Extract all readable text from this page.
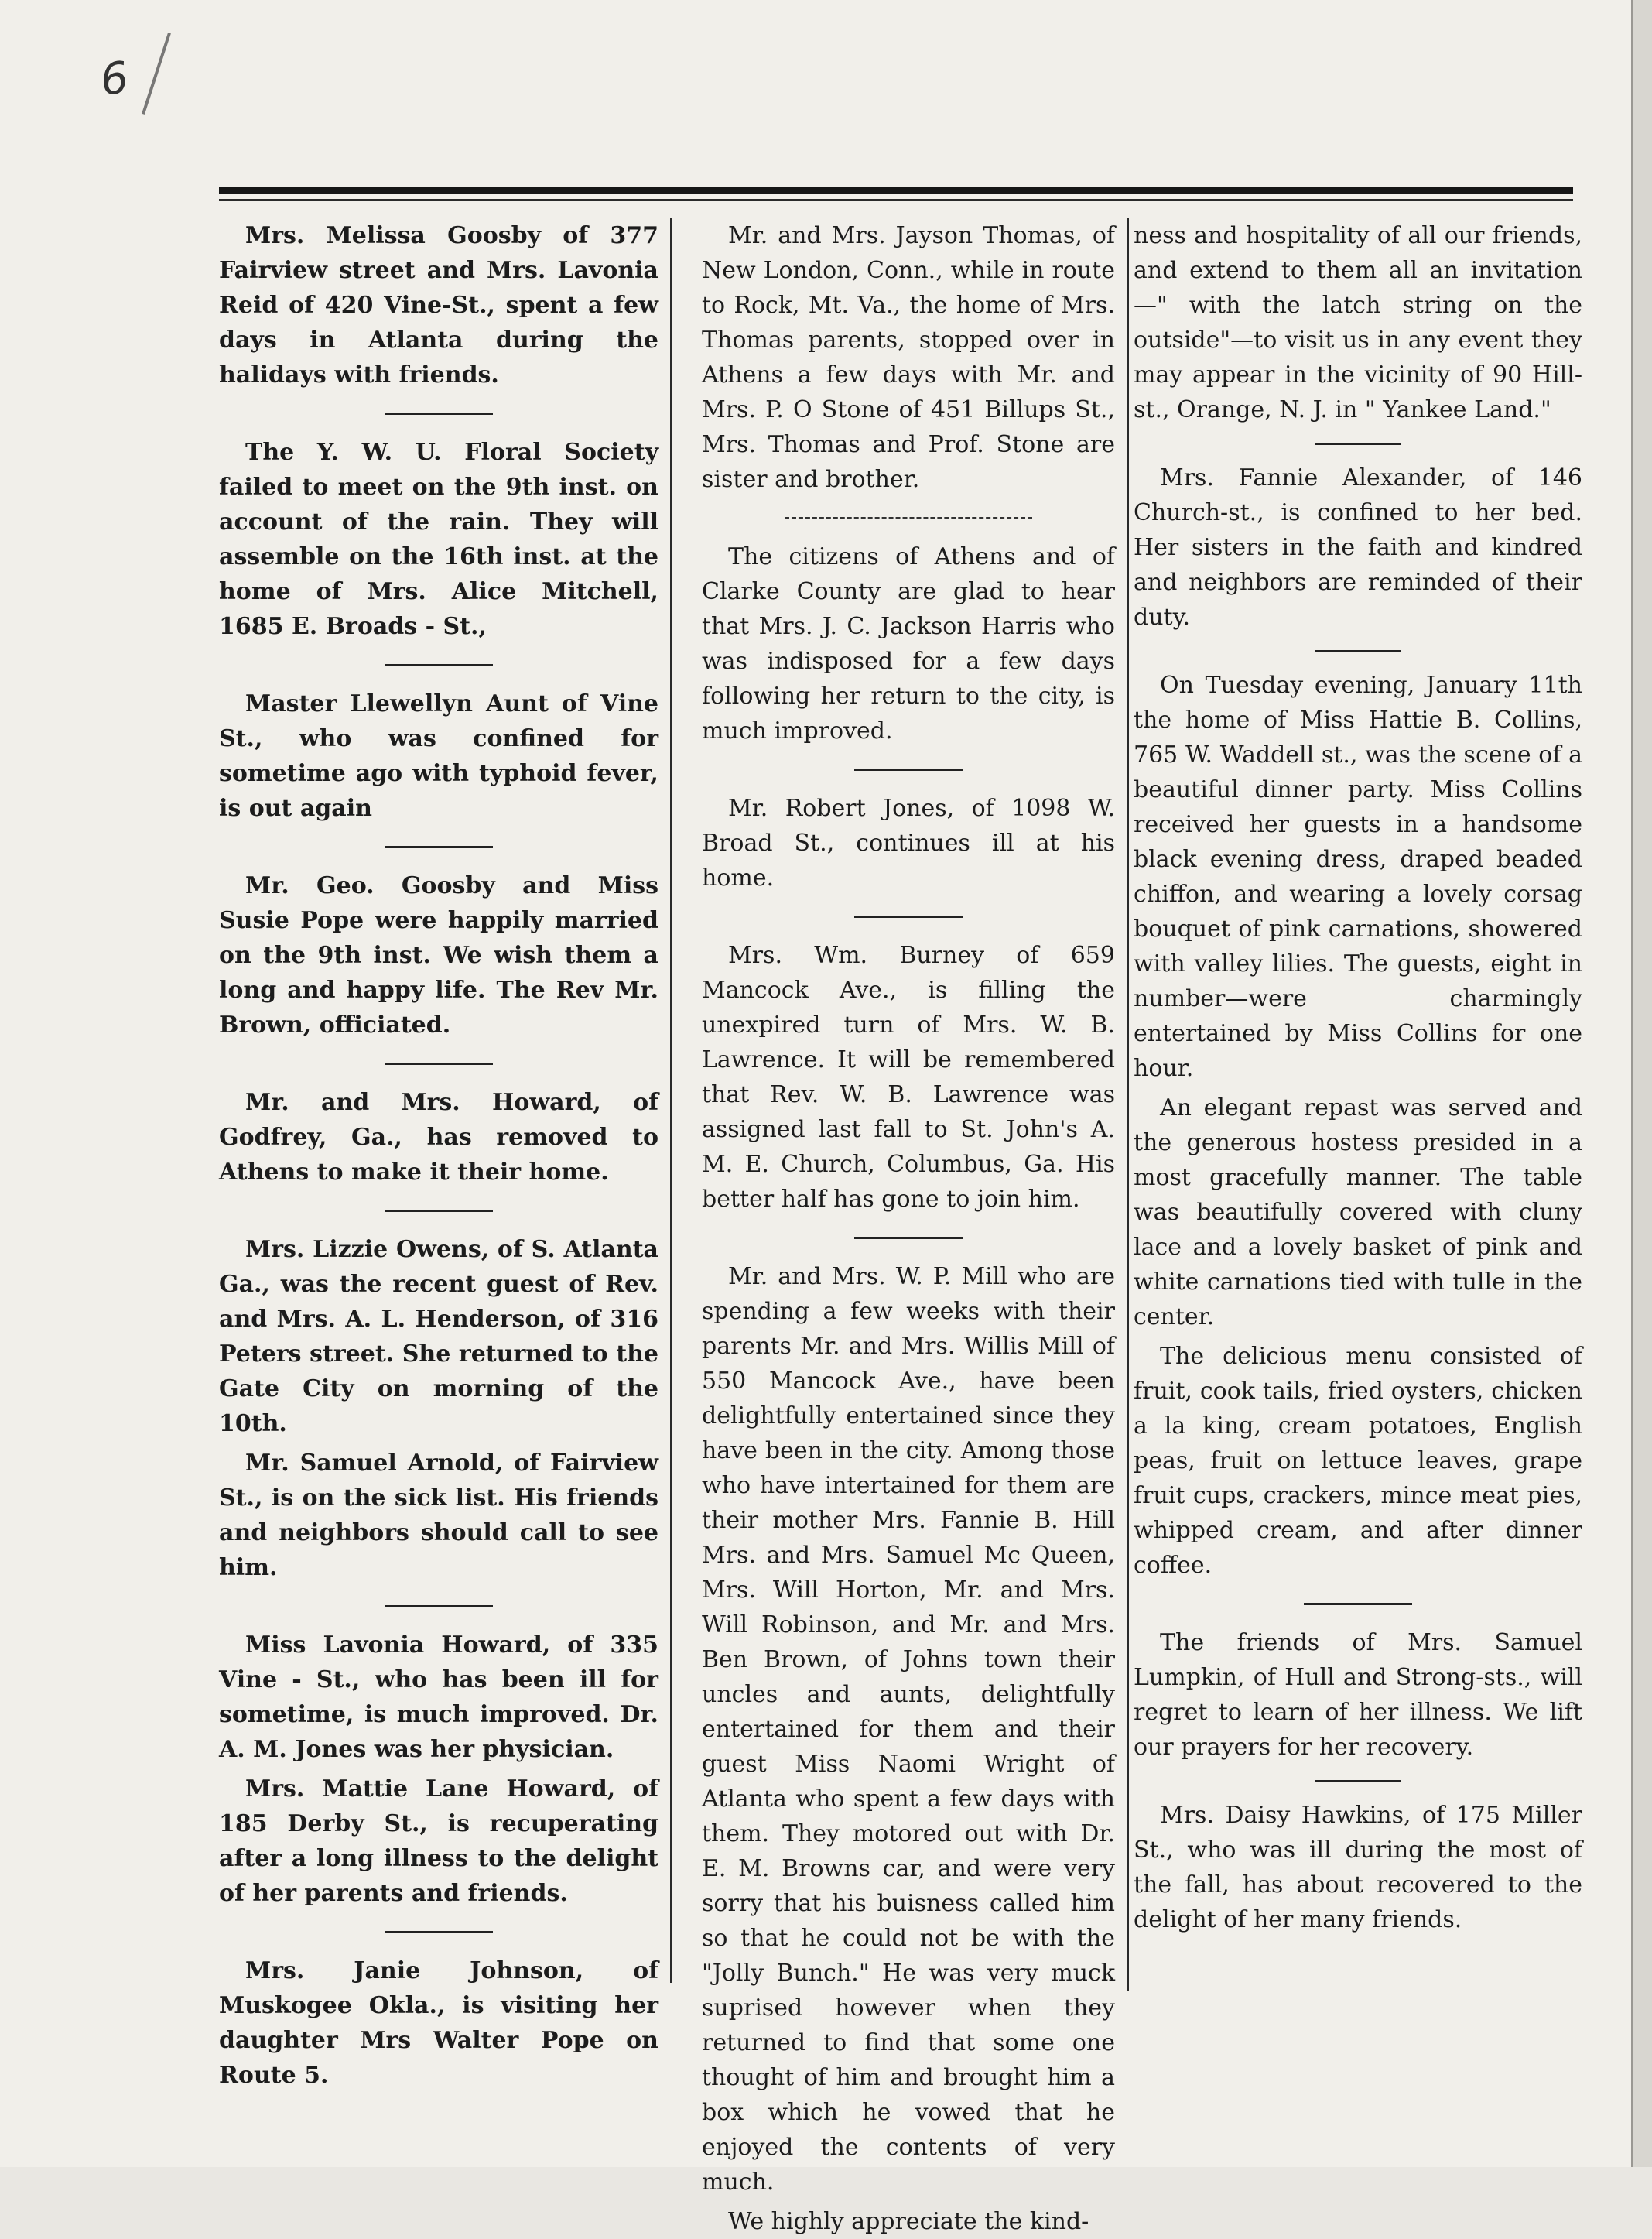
6

Mrs. Melissa Goosby of 377 Fairview street and Mrs. Lavonia Reid of 420 Vine-St., spent a few days in Atlanta during the halidays with friends.

The Y. W. U. Floral Society failed to meet on the 9th inst. on account of the rain. They will assemble on the 16th inst. at the home of Mrs. Alice Mitchell, 1685 E. Broads - St.,

Master Llewellyn Aunt of Vine St., who was confined for sometime ago with typhoid fever, is out again

Mr. Geo. Goosby and Miss Susie Pope were happily married on the 9th inst. We wish them a long and happy life. The Rev Mr. Brown, officiated.

Mr. and Mrs. Howard, of Godfrey, Ga., has removed to Athens to make it their home.

Mrs. Lizzie Owens, of S. Atlanta Ga., was the recent guest of Rev. and Mrs. A. L. Henderson, of 316 Peters street. She returned to the Gate City on morning of the 10th.

Mr. Samuel Arnold, of Fairview St., is on the sick list. His friends and neighbors should call to see him.

Miss Lavonia Howard, of 335 Vine - St., who has been ill for sometime, is much improved. Dr. A. M. Jones was her physician.

Mrs. Mattie Lane Howard, of 185 Derby St., is recuperating after a long illness to the delight of her parents and friends.

Mrs. Janie Johnson, of Muskogee Okla., is visiting her daughter Mrs Walter Pope on Route 5.

Mr. and Mrs. Jayson Thomas, of New London, Conn., while in route to Rock, Mt. Va., the home of Mrs. Thomas parents, stopped over in Athens a few days with Mr. and Mrs. P. O Stone of 451 Billups St., Mrs. Thomas and Prof. Stone are sister and brother.

The citizens of Athens and of Clarke County are glad to hear that Mrs. J. C. Jackson Harris who was indisposed for a few days following her return to the city, is much improved.

Mr. Robert Jones, of 1098 W. Broad St., continues ill at his home.

Mrs. Wm. Burney of 659 Mancock Ave., is filling the unexpired turn of Mrs. W. B. Lawrence. It will be remembered that Rev. W. B. Lawrence was assigned last fall to St. John's A. M. E. Church, Columbus, Ga. His better half has gone to join him.

Mr. and Mrs. W. P. Mill who are spending a few weeks with their parents Mr. and Mrs. Willis Mill of 550 Mancock Ave., have been delightfully entertained since they have been in the city. Among those who have intertained for them are their mother Mrs. Fannie B. Hill Mrs. and Mrs. Samuel Mc Queen, Mrs. Will Horton, Mr. and Mrs. Will Robinson, and Mr. and Mrs. Ben Brown, of Johns town their uncles and aunts, delightfully entertained for them and their guest Miss Naomi Wright of Atlanta who spent a few days with them. They motored out with Dr. E. M. Browns car, and were very sorry that his buisness called him so that he could not be with the "Jolly Bunch." He was very muck suprised however when they returned to find that some one thought of him and brought him a box which he vowed that he enjoyed the contents of very much.

We highly appreciate the kind-

ness and hospitality of all our friends, and extend to them all an invitation—" with the latch string on the outside"—to visit us in any event they may appear in the vicinity of 90 Hill-st., Orange, N. J. in " Yankee Land."

Mrs. Fannie Alexander, of 146 Church-st., is confined to her bed. Her sisters in the faith and kindred and neighbors are reminded of their duty.

On Tuesday evening, January 11th the home of Miss Hattie B. Collins, 765 W. Waddell st., was the scene of a beautiful dinner party. Miss Collins received her guests in a handsome black evening dress, draped beaded chiffon, and wearing a lovely corsag bouquet of pink carnations, showered with valley lilies. The guests, eight in number—were charmingly entertained by Miss Collins for one hour.

An elegant repast was served and the generous hostess presided in a most gracefully manner. The table was beautifully covered with cluny lace and a lovely basket of pink and white carnations tied with tulle in the center.

The delicious menu consisted of fruit, cook tails, fried oysters, chicken a la king, cream potatoes, English peas, fruit on lettuce leaves, grape fruit cups, crackers, mince meat pies, whipped cream, and after dinner coffee.

The friends of Mrs. Samuel Lumpkin, of Hull and Strong-sts., will regret to learn of her illness. We lift our prayers for her recovery.

Mrs. Daisy Hawkins, of 175 Miller St., who was ill during the most of the fall, has about recovered to the delight of her many friends.
